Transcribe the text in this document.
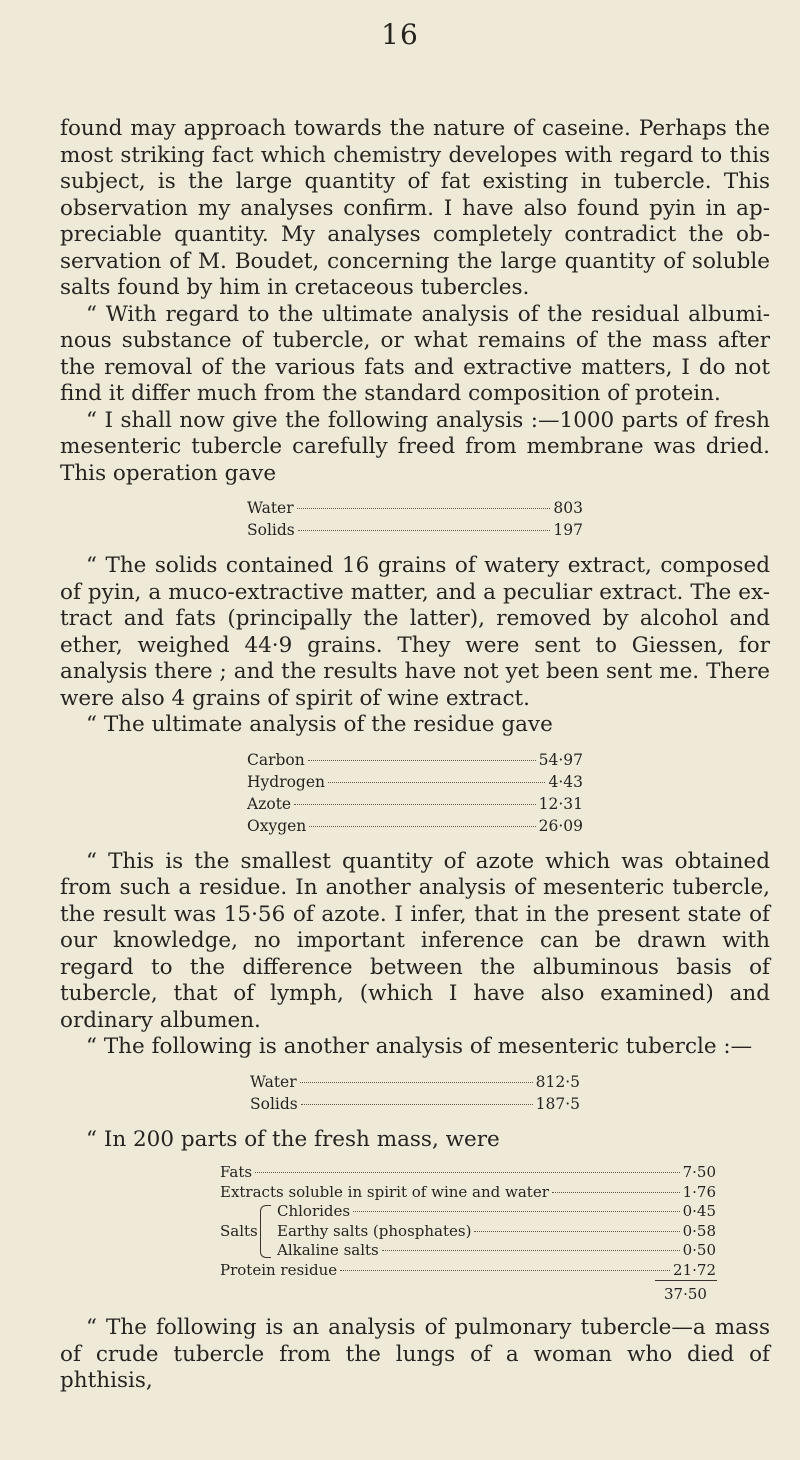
16

found may approach towards the nature of caseine. Perhaps the most striking fact which chemistry developes with regard to this subject, is the large quantity of fat existing in tubercle. This observation my analyses confirm. I have also found pyin in ap-preciable quantity. My analyses completely contradict the ob-servation of M. Boudet, concerning the large quantity of soluble salts found by him in cretaceous tubercles.

“ With regard to the ultimate analysis of the residual albumi-nous substance of tubercle, or what remains of the mass after the removal of the various fats and extractive matters, I do not find it differ much from the standard composition of protein.

“ I shall now give the following analysis :—1000 parts of fresh mesenteric tubercle carefully freed from membrane was dried. This operation gave

Water	803
Solids	197

“ The solids contained 16 grains of watery extract, composed of pyin, a muco-extractive matter, and a peculiar extract. The ex-tract and fats (principally the latter), removed by alcohol and ether, weighed 44·9 grains. They were sent to Giessen, for analysis there ; and the results have not yet been sent me. There were also 4 grains of spirit of wine extract.

“ The ultimate analysis of the residue gave

Carbon	54·97
Hydrogen	4·43
Azote	12·31
Oxygen	26·09

“ This is the smallest quantity of azote which was obtained from such a residue. In another analysis of mesenteric tubercle, the result was 15·56 of azote. I infer, that in the present state of our knowledge, no important inference can be drawn with regard to the difference between the albuminous basis of tubercle, that of lymph, (which I have also examined) and ordinary albumen.

“ The following is another analysis of mesenteric tubercle :—

Water	812·5
Solids	187·5

“ In 200 parts of the fresh mass, were

Fats	7·50
Extracts soluble in spirit of wine and water	1·76
Salts
Chlorides	0·45
Earthy salts (phosphates)	0·58
Alkaline salts	0·50
Protein residue	21·72
37·50

“ The following is an analysis of pulmonary tubercle—a mass of crude tubercle from the lungs of a woman who died of phthisis,
